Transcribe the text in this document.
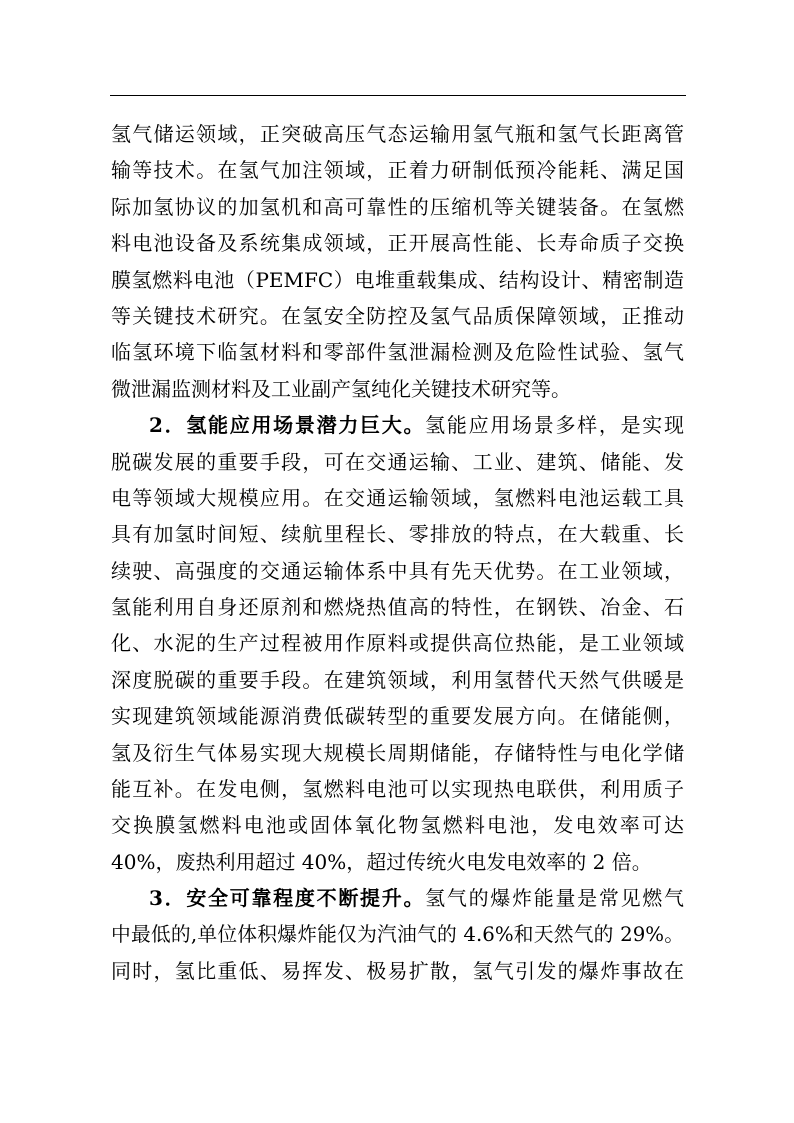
氢气储运领域，正突破高压气态运输用氢气瓶和氢气长距离管
输等技术。在氢气加注领域，正着力研制低预冷能耗、满足国
际加氢协议的加氢机和高可靠性的压缩机等关键装备。在氢燃
料电池设备及系统集成领域，正开展高性能、长寿命质子交换
膜氢燃料电池（PEMFC）电堆重载集成、结构设计、精密制造
等关键技术研究。在氢安全防控及氢气品质保障领域，正推动
临氢环境下临氢材料和零部件氢泄漏检测及危险性试验、氢气
微泄漏监测材料及工业副产氢纯化关键技术研究等。
2．氢能应用场景潜力巨大。氢能应用场景多样，是实现
脱碳发展的重要手段，可在交通运输、工业、建筑、储能、发
电等领域大规模应用。在交通运输领域，氢燃料电池运载工具
具有加氢时间短、续航里程长、零排放的特点，在大载重、长
续驶、高强度的交通运输体系中具有先天优势。在工业领域，
氢能利用自身还原剂和燃烧热值高的特性，在钢铁、冶金、石
化、水泥的生产过程被用作原料或提供高位热能，是工业领域
深度脱碳的重要手段。在建筑领域，利用氢替代天然气供暖是
实现建筑领域能源消费低碳转型的重要发展方向。在储能侧，
氢及衍生气体易实现大规模长周期储能，存储特性与电化学储
能互补。在发电侧，氢燃料电池可以实现热电联供，利用质子
交换膜氢燃料电池或固体氧化物氢燃料电池，发电效率可达
40%，废热利用超过 40%，超过传统火电发电效率的 2 倍。
3．安全可靠程度不断提升。氢气的爆炸能量是常见燃气
中最低的,单位体积爆炸能仅为汽油气的 4.6%和天然气的 29%。
同时，氢比重低、易挥发、极易扩散，氢气引发的爆炸事故在
